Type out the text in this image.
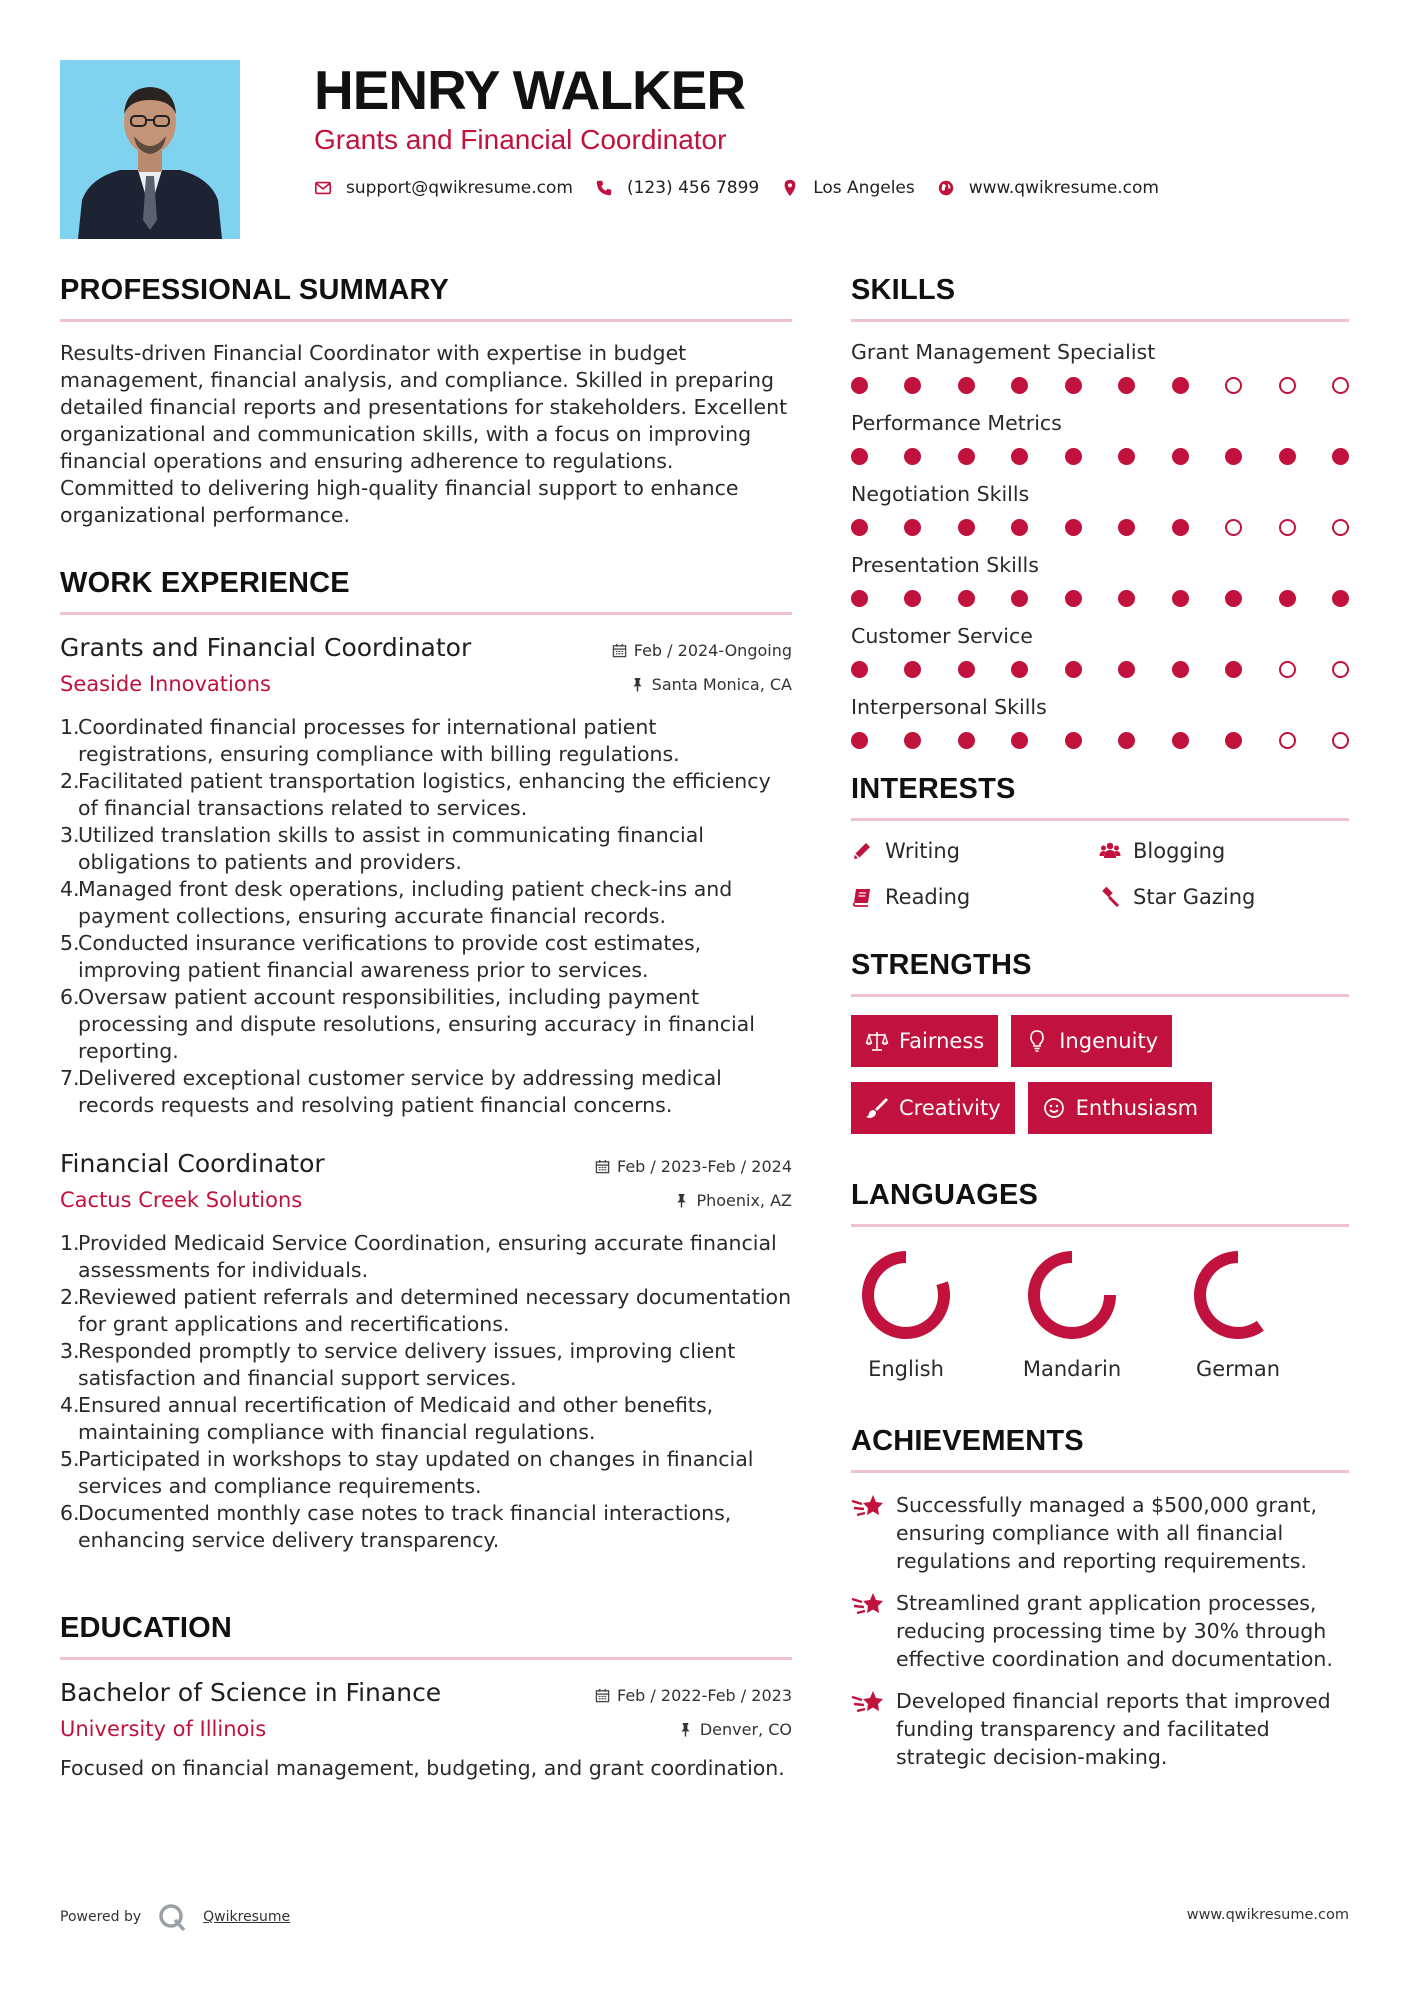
HENRY WALKER
Grants and Financial Coordinator
support@qwikresume.com	(123) 456 7899	Los Angeles	www.qwikresume.com
PROFESSIONAL SUMMARY
Results-driven Financial Coordinator with expertise in budget management, financial analysis, and compliance. Skilled in preparing detailed financial reports and presentations for stakeholders. Excellent organizational and communication skills, with a focus on improving financial operations and ensuring adherence to regulations. Committed to delivering high-quality financial support to enhance organizational performance.
WORK EXPERIENCE
Grants and Financial Coordinator
Seaside Innovations
Feb / 2024-Ongoing
Santa Monica, CA
1.
Coordinated financial processes for international patient registrations, ensuring compliance with billing regulations.
2.
Facilitated patient transportation logistics, enhancing the efficiency of financial transactions related to services.
3.
Utilized translation skills to assist in communicating financial obligations to patients and providers.
4.
Managed front desk operations, including patient check-ins and payment collections, ensuring accurate financial records.
5.
Conducted insurance verifications to provide cost estimates, improving patient financial awareness prior to services.
6.
Oversaw patient account responsibilities, including payment processing and dispute resolutions, ensuring accuracy in financial reporting.
7.
Delivered exceptional customer service by addressing medical records requests and resolving patient financial concerns.
Financial Coordinator
Cactus Creek Solutions
Feb / 2023-Feb / 2024
Phoenix, AZ
1.
Provided Medicaid Service Coordination, ensuring accurate financial assessments for individuals.
2.
Reviewed patient referrals and determined necessary documentation for grant applications and recertifications.
3.
Responded promptly to service delivery issues, improving client satisfaction and financial support services.
4.
Ensured annual recertification of Medicaid and other benefits, maintaining compliance with financial regulations.
5.
Participated in workshops to stay updated on changes in financial services and compliance requirements.
6.
Documented monthly case notes to track financial interactions, enhancing service delivery transparency.
EDUCATION
Bachelor of Science in Finance
University of Illinois
Feb / 2022-Feb / 2023
Denver, CO
Focused on financial management, budgeting, and grant coordination.
SKILLS
Grant Management Specialist
Performance Metrics
Negotiation Skills
Presentation Skills
Customer Service
Interpersonal Skills
INTERESTS
Writing	Blogging
Reading	Star Gazing
STRENGTHS
Fairness	Ingenuity
Creativity	Enthusiasm
LANGUAGES
English	Mandarin	German
ACHIEVEMENTS
Successfully managed a $500,000 grant, ensuring compliance with all financial regulations and reporting requirements.
Streamlined grant application processes, reducing processing time by 30% through effective coordination and documentation.
Developed financial reports that improved funding transparency and facilitated strategic decision-making.
Powered by	Qwikresume	www.qwikresume.com
